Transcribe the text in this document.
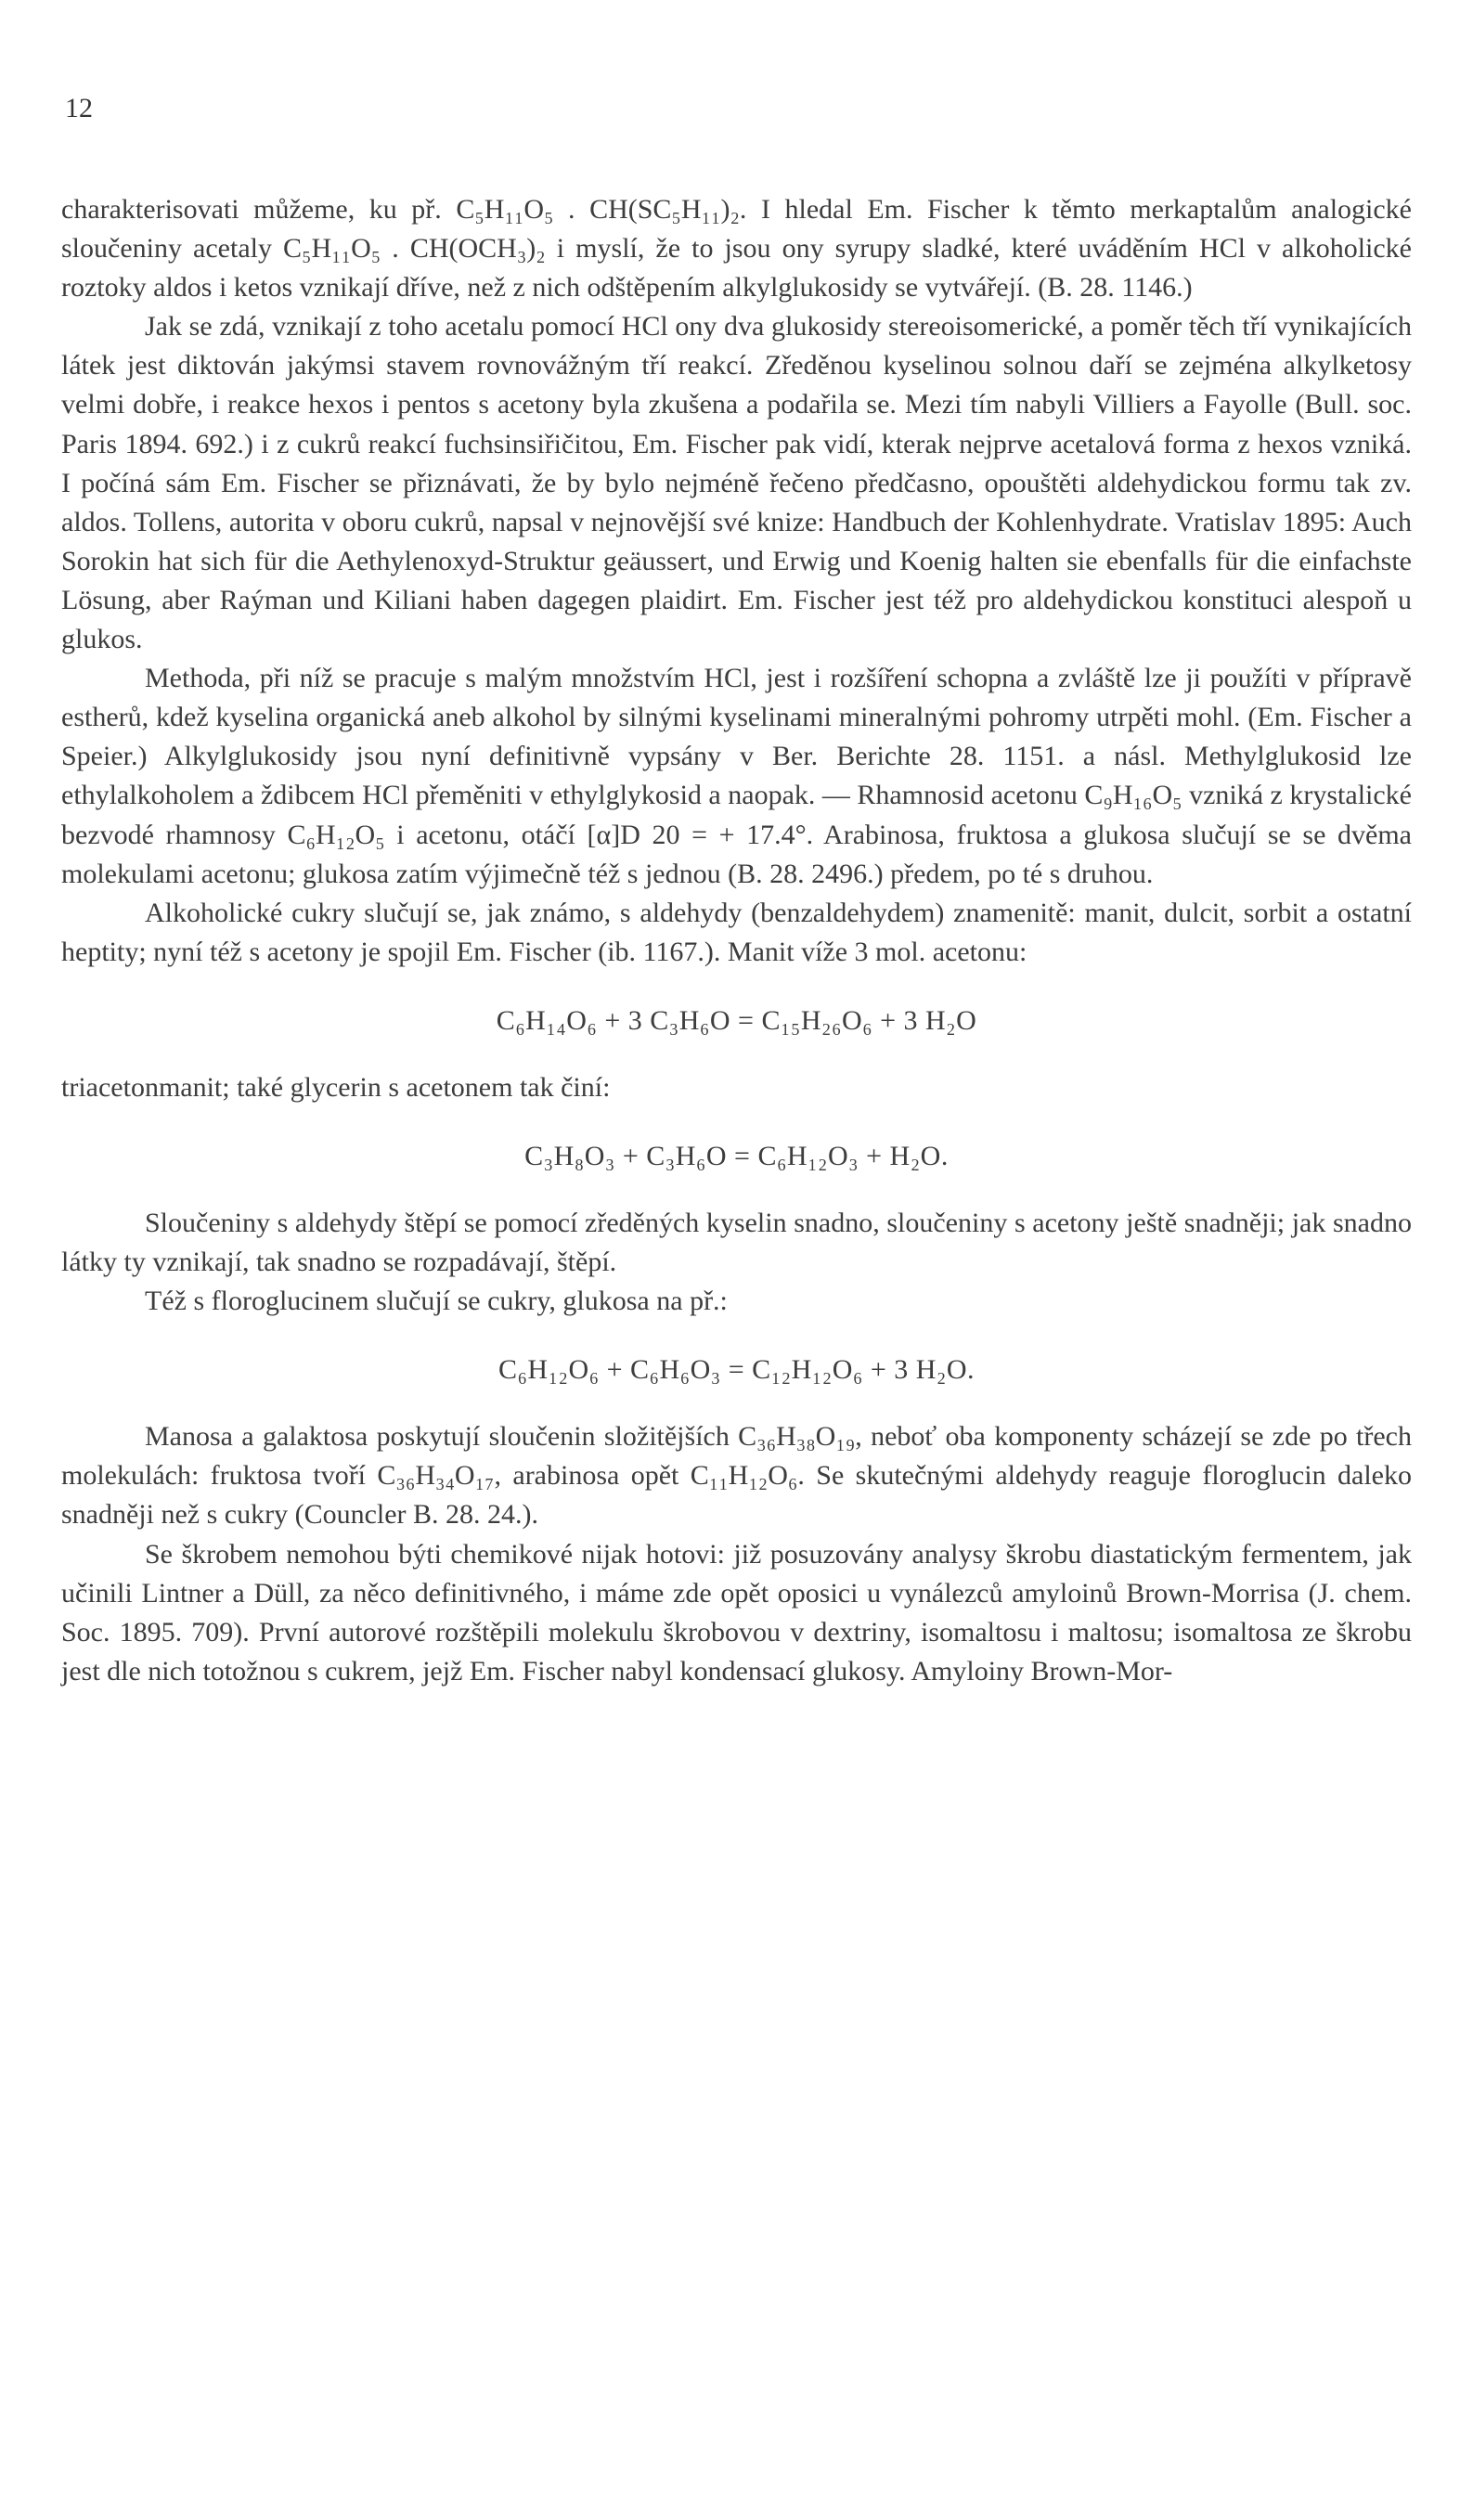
12

charakterisovati můžeme, ku př. C₅H₁₁O₅ . CH(SC₅H₁₁)₂. I hledal Em. Fischer k těmto merkaptalům analogické sloučeniny acetaly C₅H₁₁O₅ . CH(OCH₃)₂ i myslí, že to jsou ony syrupy sladké, které uváděním HCl v alkoholické roztoky aldos i ketos vznikají dříve, než z nich odštěpením alkylglukosidy se vytvářejí. (B. 28. 1146.)

Jak se zdá, vznikají z toho acetalu pomocí HCl ony dva glukosidy stereoisomerické, a poměr těch tří vynikajících látek jest diktován jakýmsi stavem rovnovážným tří reakcí. Zředěnou kyselinou solnou daří se zejména alkylketosy velmi dobře, i reakce hexos i pentos s acetony byla zkušena a podařila se. Mezi tím nabyli Villiers a Fayolle (Bull. soc. Paris 1894. 692.) i z cukrů reakcí fuchsinsiřičitou, Em. Fischer pak vidí, kterak nejprve acetalová forma z hexos vzniká. I počíná sám Em. Fischer se přiznávati, že by bylo nejméně řečeno předčasno, opouštěti aldehydickou formu tak zv. aldos. Tollens, autorita v oboru cukrů, napsal v nejnovější své knize: Handbuch der Kohlenhydrate. Vratislav 1895: Auch Sorokin hat sich für die Aethylenoxyd-Struktur geäussert, und Erwig und Koenig halten sie ebenfalls für die einfachste Lösung, aber Raýman und Kiliani haben dagegen plaidirt. Em. Fischer jest též pro aldehydickou konstituci alespoň u glukos.

Methoda, při níž se pracuje s malým množstvím HCl, jest i rozšíření schopna a zvláště lze ji použíti v přípravě estherů, kdež kyselina organická aneb alkohol by silnými kyselinami mineralnými pohromy utrpěti mohl. (Em. Fischer a Speier.) Alkylglukosidy jsou nyní definitivně vypsány v Ber. Berichte 28. 1151. a násl. Methylglukosid lze ethylalkoholem a ždibcem HCl přeměniti v ethylglykosid a naopak. — Rhamnosid acetonu C₉H₁₆O₅ vzniká z krystalické bezvodé rhamnosy C₆H₁₂O₅ i acetonu, otáčí [α]D 20 = + 17.4°. Arabinosa, fruktosa a glukosa slučují se se dvěma molekulami acetonu; glukosa zatím výjimečně též s jednou (B. 28. 2496.) předem, po té s druhou.

Alkoholické cukry slučují se, jak známo, s aldehydy (benzaldehydem) znamenitě: manit, dulcit, sorbit a ostatní heptity; nyní též s acetony je spojil Em. Fischer (ib. 1167.). Manit víže 3 mol. acetonu:

C₆H₁₄O₆ + 3 C₃H₆O = C₁₅H₂₆O₆ + 3 H₂O

triacetonmanit; také glycerin s acetonem tak činí:

C₃H₈O₃ + C₃H₆O = C₆H₁₂O₃ + H₂O.

Sloučeniny s aldehydy štěpí se pomocí zředěných kyselin snadno, sloučeniny s acetony ještě snadněji; jak snadno látky ty vznikají, tak snadno se rozpadávají, štěpí.

Též s floroglucinem slučují se cukry, glukosa na př.:

C₆H₁₂O₆ + C₆H₆O₃ = C₁₂H₁₂O₆ + 3 H₂O.

Manosa a galaktosa poskytují sloučenin složitějších C₃₆H₃₈O₁₉, neboť oba komponenty scházejí se zde po třech molekulách: fruktosa tvoří C₃₆H₃₄O₁₇, arabinosa opět C₁₁H₁₂O₆. Se skutečnými aldehydy reaguje floroglucin daleko snadněji než s cukry (Councler B. 28. 24.).

Se škrobem nemohou býti chemikové nijak hotovi: již posuzovány analysy škrobu diastatickým fermentem, jak učinili Lintner a Düll, za něco definitivného, i máme zde opět oposici u vynálezců amyloinů Brown-Morrisa (J. chem. Soc. 1895. 709). První autorové rozštěpili molekulu škrobovou v dextriny, isomaltosu i maltosu; isomaltosa ze škrobu jest dle nich totožnou s cukrem, jejž Em. Fischer nabyl kondensací glukosy. Amyloiny Brown-Mor-
